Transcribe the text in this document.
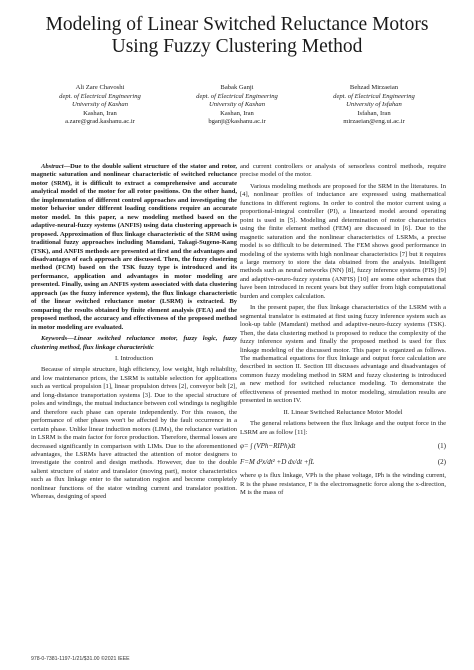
Modeling of Linear Switched Reluctance Motors Using Fuzzy Clustering Method
Ali Zare Chavoshi
dept. of Electrical Engineering
University of Kashan
Kashan, Iran
a.zare@grad.kashanu.ac.ir
Babak Ganji
dept. of Electrical Engineering
University of Kashan
Kashan, Iran
bganji@kashanu.ac.ir
Behzad Mirzaeian
dept. of Electrical Engineering
University of Isfahan
Isfahan, Iran
mirzaeian@eng.ui.ac.ir

Abstract—Due to the double salient structure of the stator and rotor, magnetic saturation and nonlinear characteristic of switched reluctance motor (SRM), it is difficult to extract a comprehensive and accurate analytical model of the motor for all rotor positions. On the other hand, the implementation of different control approaches and investigating the motor behavior under different loading conditions require an accurate motor model. In this paper, a new modeling method based on the adaptive-neural-fuzzy systems (ANFIS) using data clustering approach is proposed. Approximation of flux linkage characteristic of the SRM using traditional fuzzy approaches including Mamdani, Takagi-Sugeno-Kang (TSK), and ANFIS methods are presented at first and the advantages and disadvantages of each approach are discussed. Then, the fuzzy clustering method (FCM) based on the TSK fuzzy type is introduced and its performance, application and advantages in motor modeling are presented. Finally, using an ANFIS system associated with data clustering approach (as the fuzzy inference system), the flux linkage characteristic of the linear switched reluctance motor (LSRM) is extracted. By comparing the results obtained by finite element analysis (FEA) and the proposed method, the accuracy and effectiveness of the proposed method in motor modeling are evaluated.

Keywords—Linear switched reluctance motor, fuzzy logic, fuzzy clustering method, flux linkage characteristic

I. Introduction

Because of simple structure, high efficiency, low weight, high reliability, and low maintenance prices, the LSRM is suitable selection for applications such as vertical propulsion [1], linear propulsion drives [2], conveyor belt [2], and long-distance transportation systems [3]. Due to the special structure of poles and windings, the mutual inductance between coil windings is negligible and therefore each phase can operate independently. For this reason, the performance of other phases won't be affected by the fault occurrence in a certain phase. Unlike linear induction motors (LIMs), the reluctance variation in LSRM is the main factor for force production. Therefore, thermal losses are decreased significantly in comparison with LIMs. Due to the aforementioned advantages, the LSRMs have attracted the attention of motor designers to investigate the control and design methods. However, due to the double salient structure of stator and translator (moving part), motor characteristics such as flux linkage enter to the saturation region and become completely nonlinear functions of the stator winding current and translator position. Whereas, designing of speed

and current controllers or analysis of sensorless control methods, require precise model of the motor.

Various modeling methods are proposed for the SRM in the literatures. In [4], nonlinear profiles of inductance are expressed using mathematical functions in different regions. In order to control the motor current using a proportional-integral controller (PI), a linearized model around operating point is used in [5]. Modeling and determination of motor characteristics using the finite element method (FEM) are discussed in [6]. Due to the magnetic saturation and the nonlinear characteristics of LSRMs, a precise model is so difficult to be determined. The FEM shows good performance in modeling of the systems with high nonlinear characteristics [7] but it requires a large memory to store the data obtained from the analysis. Intelligent methods such as neural networks (NN) [8], fuzzy inference systems (FIS) [9] and adaptive-neuro-fuzzy systems (ANFIS) [10] are some other schemes that have been introduced in recent years but they suffer from high computational burden and complex calculation.

In the present paper, the flux linkage characteristics of the LSRM with a segmental translator is estimated at first using fuzzy inference system such as look-up table (Mamdani) method and adaptive-neuro-fuzzy systems (TSK). Then, the data clustering method is proposed to reduce the complexity of the fuzzy inference system and finally the proposed method is used for flux linkage modeling of the discussed motor. This paper is organized as follows. The mathematical equations for flux linkage and output force calculation are described in section II. Section III discusses advantage and disadvantages of common fuzzy modeling method in SRM and fuzzy clustering is introduced as new method for switched reluctance modeling. To demonstrate the effectiveness of presented method in motor modeling, simulation results are presented in section IV.

II. Linear Switched Reluctance Motor Model

The general relations between the flux linkage and the output force in the LSRM are as follow [11]:

φ= ∫ (VPh−RIPh)dt	(1)
F=M d²x/dt² +D dx/dt +fL	(2)

where φ is flux linkage, VPh is the phase voltage, IPh is the winding current, R is the phase resistance, F is the electromagnetic force along the x-direction, M is the mass of

978-0-7381-1197-1/21/$31.00 ©2021 IEEE
